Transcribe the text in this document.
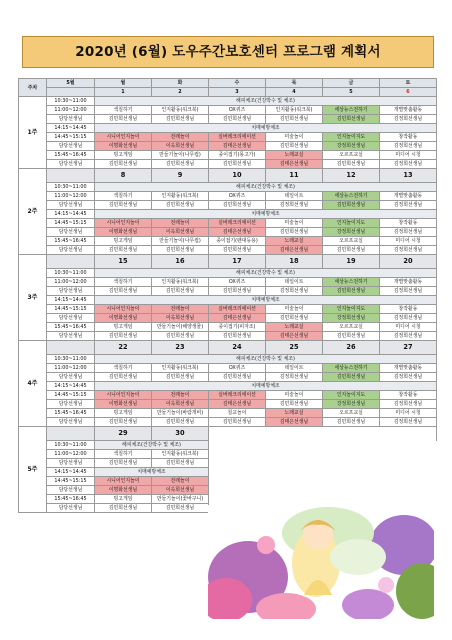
2020년 (6월) 도우주간보호센터 프로그램 계획서
주차	5월	월	화	수	목	금	토
		1	2	3	4	5	6
1주	10:30~11:00	해피체조(건강박수 및 체조)					
	11:00~12:00	색칠하기	인지활동(워크북)	OX퀴즈	인지활동(워크북)	세상뉴스전하기	개별맞춤활동
	담당선생님	김민희선생님	김민희선생님	김민희선생님	김민희선생님	김민희선생님	김정희선생님
	14:15~14:45	치매예방체조					
	14:45~15:15	시니어인지놀이	전래놀이	실버레크리에이션	미술놀이	인지놀이지도	창작활동
	담당선생님	이명화선생님	이옥희선생님	김태은선생님	김민희선생님	강정희선생님	김정희선생님
	15:45~16:45	빙고게임	만들기놀이(나무컵)	종이접기(몽고가)	노래교실	오르프교실	미디어 시청
	담당선생님	김민희선생님	김민희선생님	김민희선생님	김태은선생님	김민희선생님	김정희선생님
2주		8	9	10	11	12	13
	10:30~11:00	해피체조(건강박수 및 체조)					
	11:00~12:00	색칠하기	인지활동(워크북)	OX퀴즈	데일이트	세상뉴스전하기	개별맞춤활동
	담당선생님	김민희선생님	김민희선생님	김민희선생님	김정희선생님	김민희선생님	김정희선생님
	14:15~14:45	치매예방체조					
	14:45~15:15	시니어인지놀이	전래놀이	실버레크리에이션	미술놀이	인지놀이지도	창작활동
	담당선생님	이명화선생님	이옥희선생님	김태은선생님	김민희선생님	강정희선생님	김정희선생님
	15:45~16:45	빙고게임	만들기놀이(나무컵)	종이접기(팬대등용)	노래교실	오르프교실	미디어 시청
	담당선생님	김민희선생님	김민희선생님	김민희선생님	김태은선생님	김민희선생님	김정희선생님
3주		15	16	17	18	19	20
	10:30~11:00	해피체조(건강박수 및 체조)					
	11:00~12:00	색칠하기	인지활동(워크북)	OX퀴즈	데일이트	세상뉴스전하기	개별맞춤활동
	담당선생님	김민희선생님	김민희선생님	김민희선생님	김정희선생님	김민희선생님	김정희선생님
	14:15~14:45	치매예방체조					
	14:45~15:15	시니어인지놀이	전래놀이	실버레크리에이션	미술놀이	인지놀이지도	창작활동
	담당선생님	이명화선생님	이옥희선생님	김태은선생님	김민희선생님	강정희선생님	김정희선생님
	15:45~16:45	빙고게임	만들기놀이(해양생물)	종이접기(피자조)	노래교실	오르프교실	미디어 시청
	담당선생님	김민희선생님	김민희선생님	김민희선생님	김태은선생님	김민희선생님	김정희선생님
4주		22	23	24	25	26	27
	10:30~11:00	해피체조(건강박수 및 체조)					
	11:00~12:00	색칠하기	인지활동(워크북)	OX퀴즈	데일이트	세상뉴스전하기	개별맞춤활동
	담당선생님	김민희선생님	김민희선생님	김민희선생님	김정희선생님	김민희선생님	김정희선생님
	14:15~14:45	치매예방체조					
	14:45~15:15	시니어인지놀이	전래놀이	실버레크리에이션	미술놀이	인지놀이지도	창작활동
	담당선생님	이명화선생님	이옥희선생님	김태은선생님	김민희선생님	강정희선생님	김정희선생님
	15:45~16:45	빙고게임	만들기놀이(바람개비)	칠교놀이	노래교실	오르프교실	미디어 시청
	담당선생님	김민희선생님	김민희선생님	김민희선생님	김태은선생님	김민희선생님	김정희선생님
5주		29	30				
	10:30~11:00	해피체조(건강박수 및 체조)					
	11:00~12:00	색칠하기	인지활동(워크북)				
	담당선생님	김민희선생님	김민희선생님				
	14:15~14:45	치매예방체조					
	14:45~15:15	시니어인지놀이	전래놀이				
	담당선생님	이명화선생님	이옥희선생님				
	15:45~16:45	빙고게임	만들기놀이(꽃바구니)				
	담당선생님	김민희선생님	김민희선생님				
